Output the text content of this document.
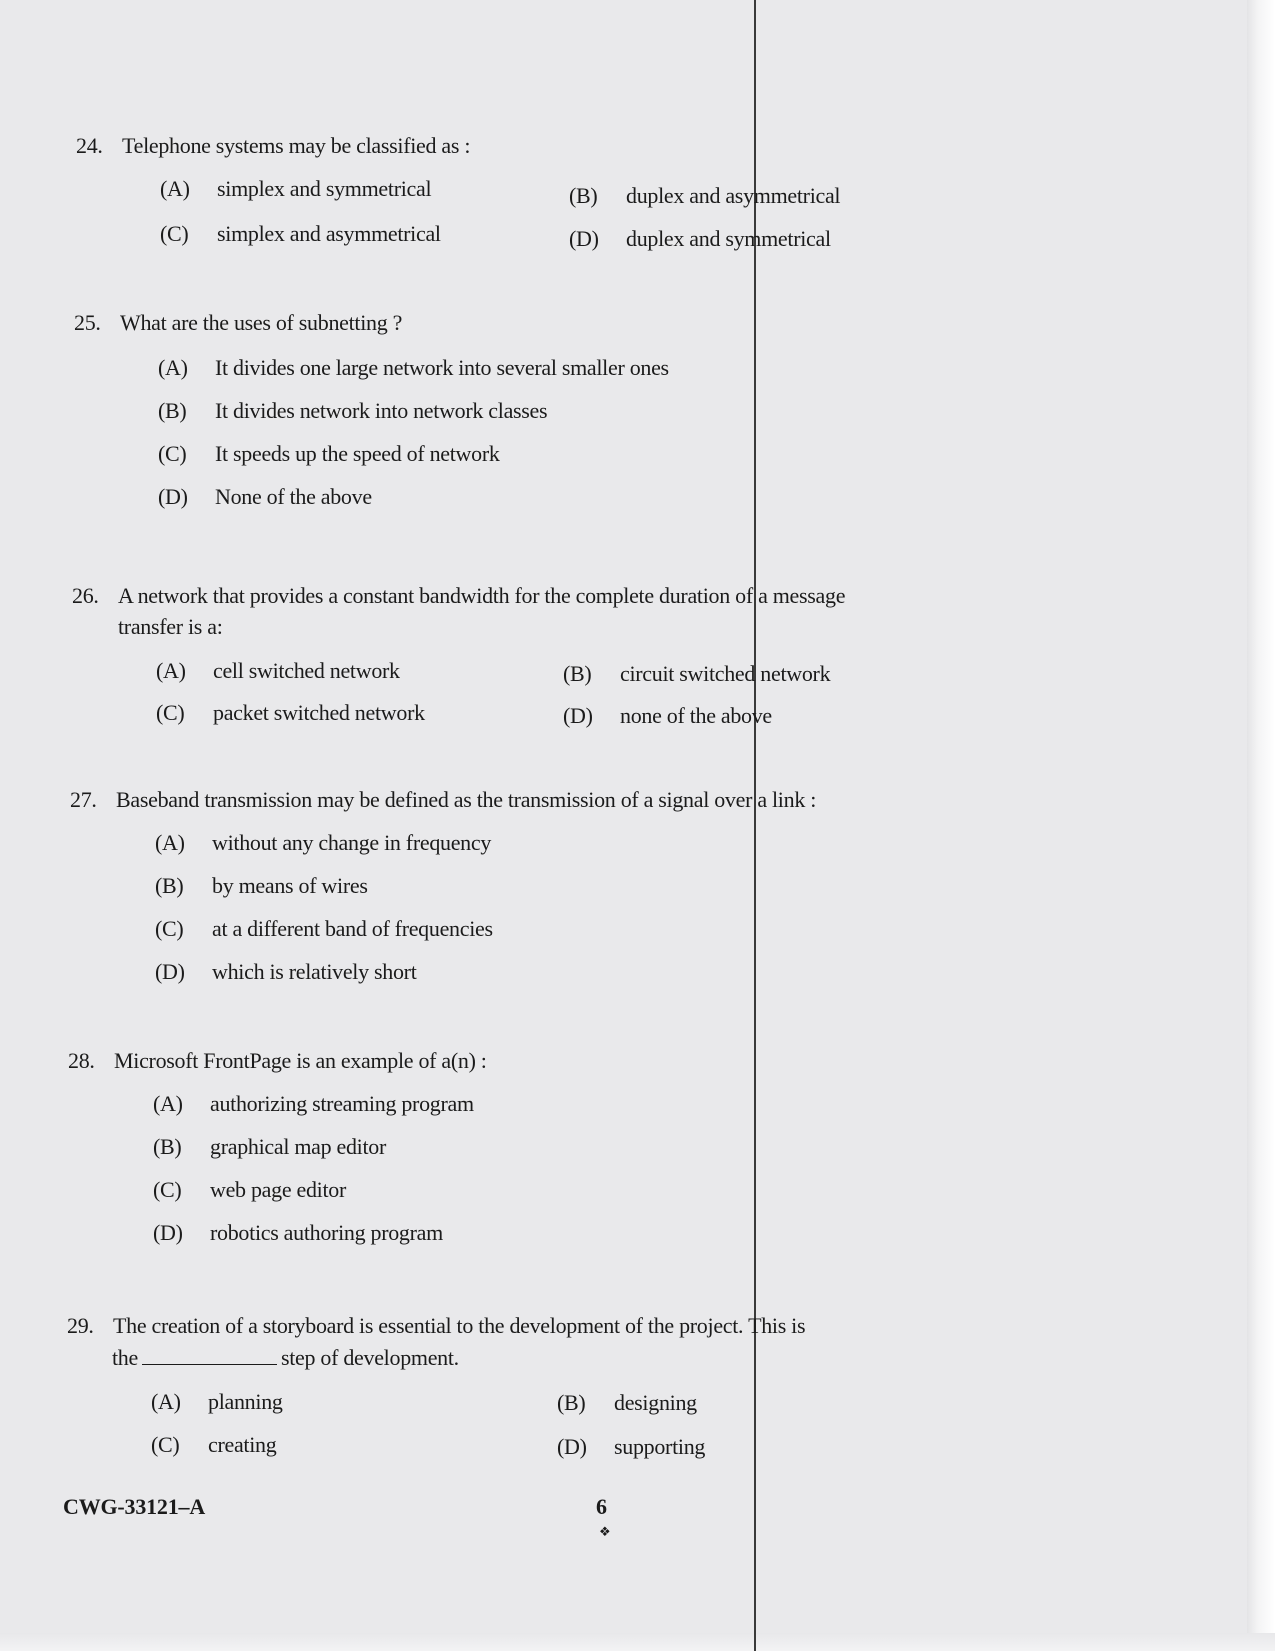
24. Telephone systems may be classified as :
(A) simplex and symmetrical	(B) duplex and asymmetrical
(C) simplex and asymmetrical	(D) duplex and symmetrical
25. What are the uses of subnetting ?
(A) It divides one large network into several smaller ones
(B) It divides network into network classes
(C) It speeds up the speed of network
(D) None of the above
26. A network that provides a constant bandwidth for the complete duration of a message
transfer is a:
(A) cell switched network	(B) circuit switched network
(C) packet switched network	(D) none of the above
27. Baseband transmission may be defined as the transmission of a signal over a link :
(A) without any change in frequency
(B) by means of wires
(C) at a different band of frequencies
(D) which is relatively short
28. Microsoft FrontPage is an example of a(n) :
(A) authorizing streaming program
(B) graphical map editor
(C) web page editor
(D) robotics authoring program
29. The creation of a storyboard is essential to the development of the project. This is
the	step of development.
(A) planning	(B) designing
(C) creating	(D) supporting
CWG-33121–A	6
❖
